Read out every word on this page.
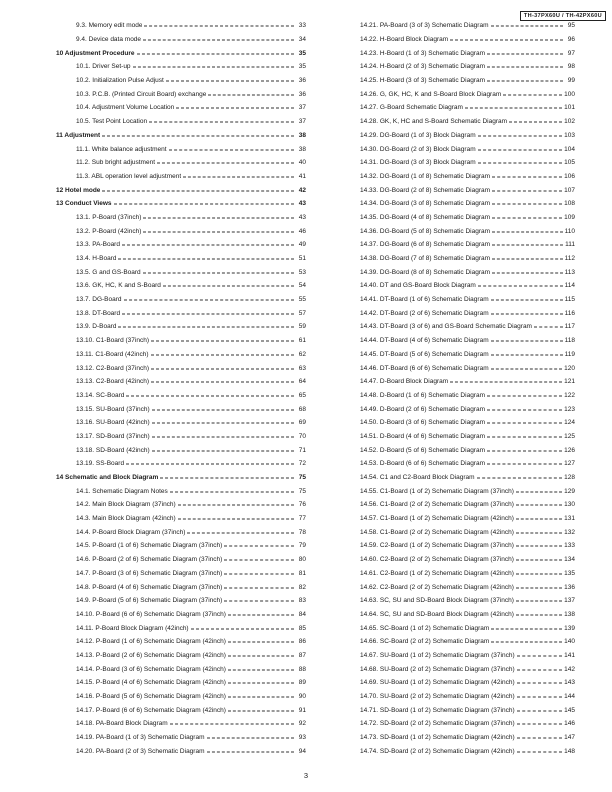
TH-37PX60U / TH-42PX60U
9.3. Memory edit mode	33
9.4. Device data mode	34
10 Adjustment Procedure	35
10.1. Driver Set-up	35
10.2. Initialization Pulse Adjust	36
10.3. P.C.B. (Printed Circuit Board) exchange	36
10.4. Adjustment Volume Location	37
10.5. Test Point Location	37
11 Adjustment	38
11.1. White balance adjustment	38
11.2. Sub bright adjustment	40
11.3. ABL operation level adjustment	41
12 Hotel mode	42
13 Conduct Views	43
13.1. P-Board (37inch)	43
13.2. P-Board (42inch)	46
13.3. PA-Board	49
13.4. H-Board	51
13.5. G and GS-Board	53
13.6. GK, HC, K and S-Board	54
13.7. DG-Board	55
13.8. DT-Board	57
13.9. D-Board	59
13.10. C1-Board (37inch)	61
13.11. C1-Board (42inch)	62
13.12. C2-Board (37inch)	63
13.13. C2-Board (42inch)	64
13.14. SC-Board	65
13.15. SU-Board (37inch)	68
13.16. SU-Board (42inch)	69
13.17. SD-Board (37inch)	70
13.18. SD-Board (42inch)	71
13.19. SS-Board	72
14 Schematic and Block Diagram	75
14.1. Schematic Diagram Notes	75
14.2. Main Block Diagram (37inch)	76
14.3. Main Block Diagram (42inch)	77
14.4. P-Board Block Diagram (37inch)	78
14.5. P-Board (1 of 6) Schematic Diagram (37inch)	79
14.6. P-Board (2 of 6) Schematic Diagram (37inch)	80
14.7. P-Board (3 of 6) Schematic Diagram (37inch)	81
14.8. P-Board (4 of 6) Schematic Diagram (37inch)	82
14.9. P-Board (5 of 6) Schematic Diagram (37inch)	83
14.10. P-Board (6 of 6) Schematic Diagram (37inch)	84
14.11. P-Board Block Diagram (42inch)	85
14.12. P-Board (1 of 6) Schematic Diagram (42inch)	86
14.13. P-Board (2 of 6) Schematic Diagram (42inch)	87
14.14. P-Board (3 of 6) Schematic Diagram (42inch)	88
14.15. P-Board (4 of 6) Schematic Diagram (42inch)	89
14.16. P-Board (5 of 6) Schematic Diagram (42inch)	90
14.17. P-Board (6 of 6) Schematic Diagram (42inch)	91
14.18. PA-Board Block Diagram	92
14.19. PA-Board (1 of 3) Schematic Diagram	93
14.20. PA-Board (2 of 3) Schematic Diagram	94
14.21. PA-Board (3 of 3) Schematic Diagram	95
14.22. H-Board Block Diagram	96
14.23. H-Board (1 of 3) Schematic Diagram	97
14.24. H-Board (2 of 3) Schematic Diagram	98
14.25. H-Board (3 of 3) Schematic Diagram	99
14.26. G, GK, HC, K and S-Board Block Diagram	100
14.27. G-Board Schematic Diagram	101
14.28. GK, K, HC and S-Board Schematic Diagram	102
14.29. DG-Board (1 of 3) Block Diagram	103
14.30. DG-Board (2 of 3) Block Diagram	104
14.31. DG-Board (3 of 3) Block Diagram	105
14.32. DG-Board (1 of 8) Schematic Diagram	106
14.33. DG-Board (2 of 8) Schematic Diagram	107
14.34. DG-Board (3 of 8) Schematic Diagram	108
14.35. DG-Board (4 of 8) Schematic Diagram	109
14.36. DG-Board (5 of 8) Schematic Diagram	110
14.37. DG-Board (6 of 8) Schematic Diagram	111
14.38. DG-Board (7 of 8) Schematic Diagram	112
14.39. DG-Board (8 of 8) Schematic Diagram	113
14.40. DT and GS-Board Block Diagram	114
14.41. DT-Board (1 of 6) Schematic Diagram	115
14.42. DT-Board (2 of 6) Schematic Diagram	116
14.43. DT-Board (3 of 6) and GS-Board Schematic Diagram	117
14.44. DT-Board (4 of 6) Schematic Diagram	118
14.45. DT-Board (5 of 6) Schematic Diagram	119
14.46. DT-Board (6 of 6) Schematic Diagram	120
14.47. D-Board Block Diagram	121
14.48. D-Board (1 of 6) Schematic Diagram	122
14.49. D-Board (2 of 6) Schematic Diagram	123
14.50. D-Board (3 of 6) Schematic Diagram	124
14.51. D-Board (4 of 6) Schematic Diagram	125
14.52. D-Board (5 of 6) Schematic Diagram	126
14.53. D-Board (6 of 6) Schematic Diagram	127
14.54. C1 and C2-Board Block Diagram	128
14.55. C1-Board (1 of 2) Schematic Diagram (37inch)	129
14.56. C1-Board (2 of 2) Schematic Diagram (37inch)	130
14.57. C1-Board (1 of 2) Schematic Diagram (42inch)	131
14.58. C1-Board (2 of 2) Schematic Diagram (42inch)	132
14.59. C2-Board (1 of 2) Schematic Diagram (37inch)	133
14.60. C2-Board (2 of 2) Schematic Diagram (37inch)	134
14.61. C2-Board (1 of 2) Schematic Diagram (42inch)	135
14.62. C2-Board (2 of 2) Schematic Diagram (42inch)	136
14.63. SC, SU and SD-Board Block Diagram (37inch)	137
14.64. SC, SU and SD-Board Block Diagram (42inch)	138
14.65. SC-Board (1 of 2) Schematic Diagram	139
14.66. SC-Board (2 of 2) Schematic Diagram	140
14.67. SU-Board (1 of 2) Schematic Diagram (37inch)	141
14.68. SU-Board (2 of 2) Schematic Diagram (37inch)	142
14.69. SU-Board (1 of 2) Schematic Diagram (42inch)	143
14.70. SU-Board (2 of 2) Schematic Diagram (42inch)	144
14.71. SD-Board (1 of 2) Schematic Diagram (37inch)	145
14.72. SD-Board (2 of 2) Schematic Diagram (37inch)	146
14.73. SD-Board (1 of 2) Schematic Diagram (42inch)	147
14.74. SD-Board (2 of 2) Schematic Diagram (42inch)	148
3
